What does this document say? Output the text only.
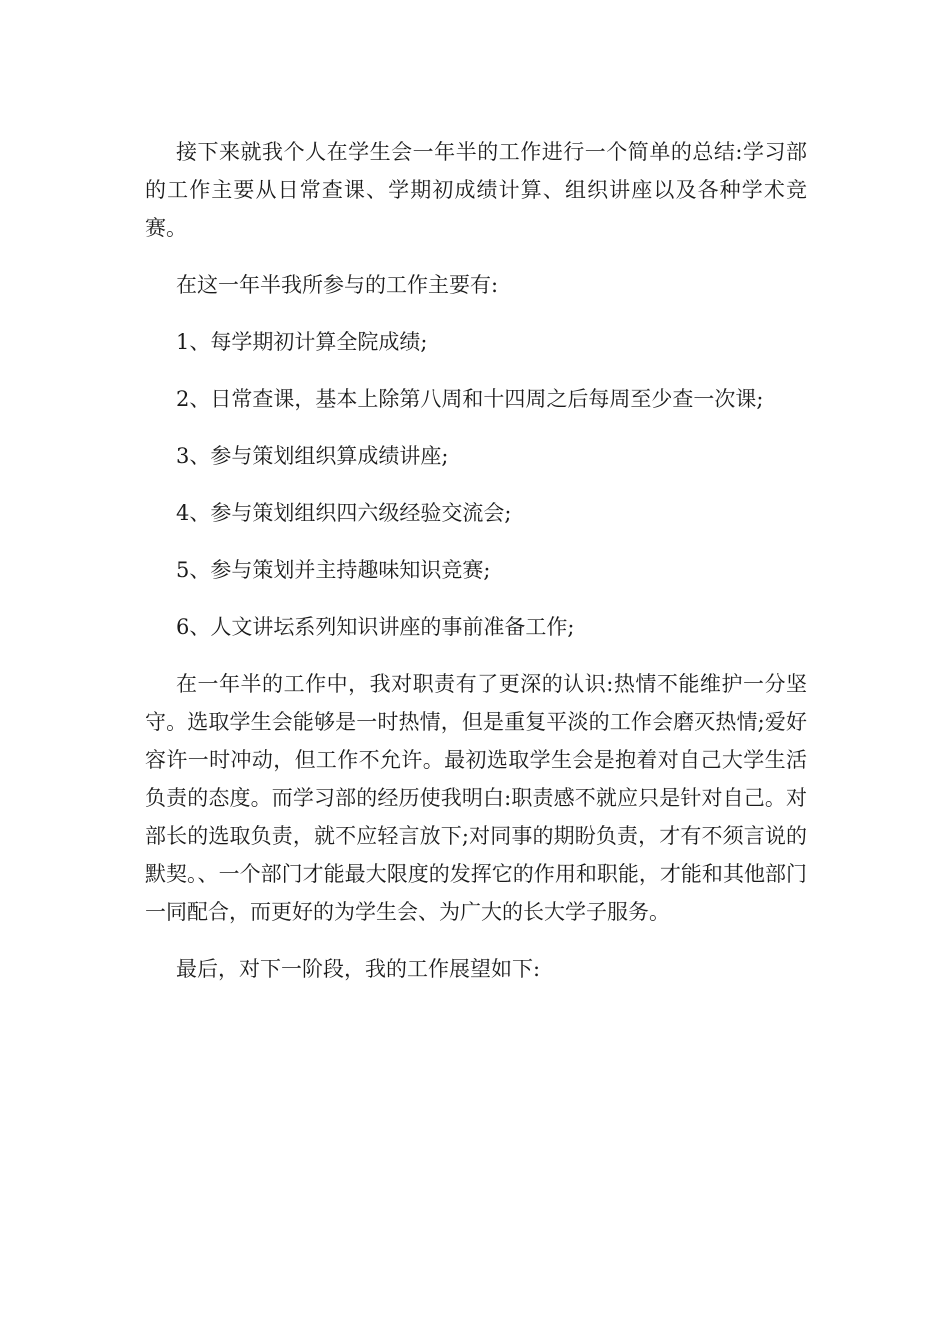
接下来就我个人在学生会一年半的工作进行一个简单的总结:学习部的工作主要从日常查课、学期初成绩计算、组织讲座以及各种学术竞赛。

在这一年半我所参与的工作主要有:

1、每学期初计算全院成绩;

2、日常查课，基本上除第八周和十四周之后每周至少查一次课;

3、参与策划组织算成绩讲座;

4、参与策划组织四六级经验交流会;

5、参与策划并主持趣味知识竞赛;

6、人文讲坛系列知识讲座的事前准备工作;

在一年半的工作中，我对职责有了更深的认识:热情不能维护一分坚守。选取学生会能够是一时热情，但是重复平淡的工作会磨灭热情;爱好容许一时冲动，但工作不允许。最初选取学生会是抱着对自己大学生活负责的态度。而学习部的经历使我明白:职责感不就应只是针对自己。对部长的选取负责，就不应轻言放下;对同事的期盼负责，才有不须言说的默契。、一个部门才能最大限度的发挥它的作用和职能，才能和其他部门一同配合，而更好的为学生会、为广大的长大学子服务。

最后，对下一阶段，我的工作展望如下:
